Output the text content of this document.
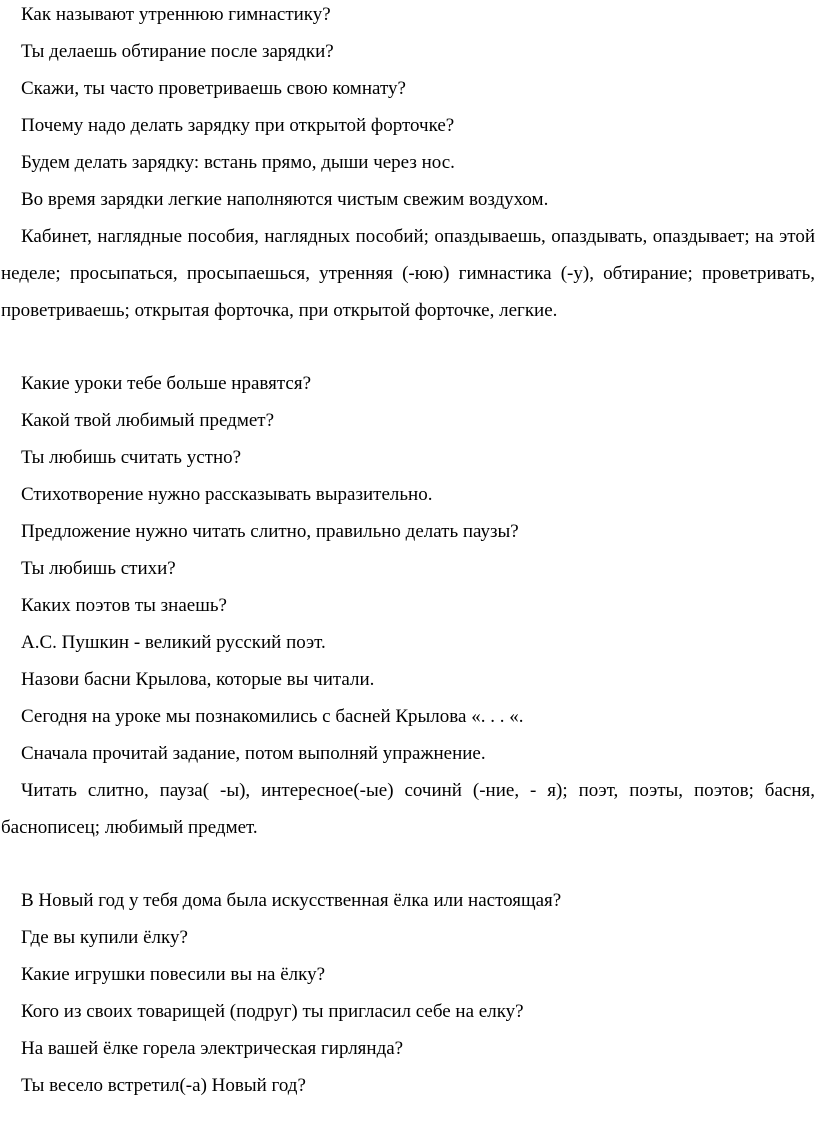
Как называют утреннюю гимнастику?
Ты делаешь обтирание после зарядки?
Скажи, ты часто проветриваешь свою комнату?
Почему надо делать зарядку при открытой форточке?
Будем делать зарядку: встань прямо, дыши через нос.
Во время зарядки легкие наполняются чистым свежим воздухом.
Кабинет, наглядные пособия, наглядных пособий; опаздываешь, опаздывать, опаздывает; на этой неделе; просыпаться, просыпаешься, утренняя (-юю) гимнастика (-у), обтирание; проветривать, проветриваешь; открытая форточка, при открытой форточке, легкие.
Какие уроки тебе больше нравятся?
Какой твой любимый предмет?
Ты любишь считать устно?
Стихотворение нужно рассказывать выразительно.
Предложение нужно читать слитно, правильно делать паузы?
Ты любишь стихи?
Каких поэтов ты знаешь?
А.С. Пушкин - великий русский поэт.
Назови басни Крылова, которые вы читали.
Сегодня на уроке мы познакомились с басней Крылова «. . . «.
Сначала прочитай задание, потом выполняй упражнение.
Читать слитно, пауза( -ы), интересное(-ые) сочинй (-ние, - я); поэт, поэты, поэтов; басня, баснописец; любимый предмет.
В Новый год у тебя дома была искусственная ёлка или настоящая?
Где вы купили ёлку?
Какие игрушки повесили вы на ёлку?
Кого из своих товарищей (подруг) ты пригласил себе на елку?
На вашей ёлке горела электрическая гирлянда?
Ты весело встретил(-а) Новый год?
